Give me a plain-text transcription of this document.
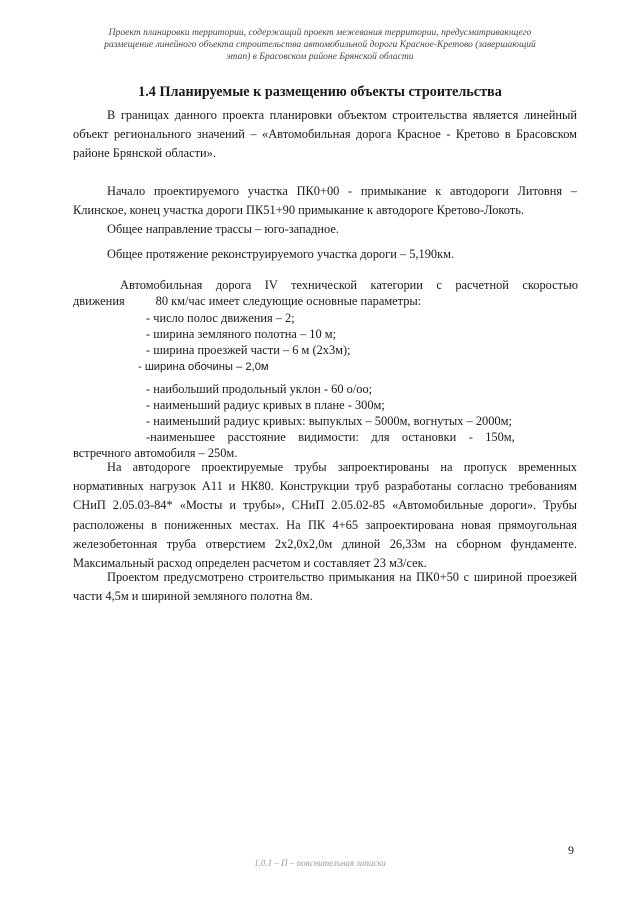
Проект планировки территории, содержащий проект межевания территории, предусматривающего
размещение линейного объекта строительства автомобильной дороги Красное-Кретово (завершающий
этап) в Брасовском районе Брянской области
1.4 Планируемые к размещению объекты строительства

В границах данного проекта планировки объектом строительства является линейный объект регионального значений – «Автомобильная дорога Красное - Кретово в Брасовском районе Брянской области».

Начало проектируемого участка ПК0+00 - примыкание к автодороги Литовня – Клинское, конец участка дороги ПК51+90 примыкание к автодороге Кретово-Локоть.

Общее направление трассы – юго-западное.

Общее протяжение реконструируемого участка дороги – 5,190км.

Автомобильная дорога IV технической категории с расчетной скоростью
движения          80 км/час имеет следующие основные параметры:
- число полос движения – 2;
- ширина земляного полотна – 10 м;
- ширина проезжей части – 6 м (2х3м);
- ширина обочины – 2,0м
- наибольший продольный уклон - 60 о/оо;
- наименьший радиус кривых в плане - 300м;
- наименьший радиус кривых: выпуклых – 5000м, вогнутых – 2000м;
-наименьшее    расстояние    видимости:    для    остановки    -    150м,
встречного автомобиля – 250м.

На автодороге проектируемые трубы запроектированы на пропуск временных нормативных нагрузок А11 и НК80. Конструкции труб разработаны согласно требованиям СНиП 2.05.03-84* «Мосты и трубы», СНиП 2.05.02-85 «Автомобильные дороги». Трубы расположены в пониженных местах. На ПК 4+65 запроектирована новая прямоугольная железобетонная труба отверстием 2х2,0х2,0м длиной 26,33м на сборном фундаменте. Максимальный расход определен расчетом и составляет 23 м3/сек.

Проектом предусмотрено строительство примыкания на ПК0+50 с шириной проезжей части 4,5м и шириной земляного полотна 8м.

9
1.0.1 – П – пояснительная записка
